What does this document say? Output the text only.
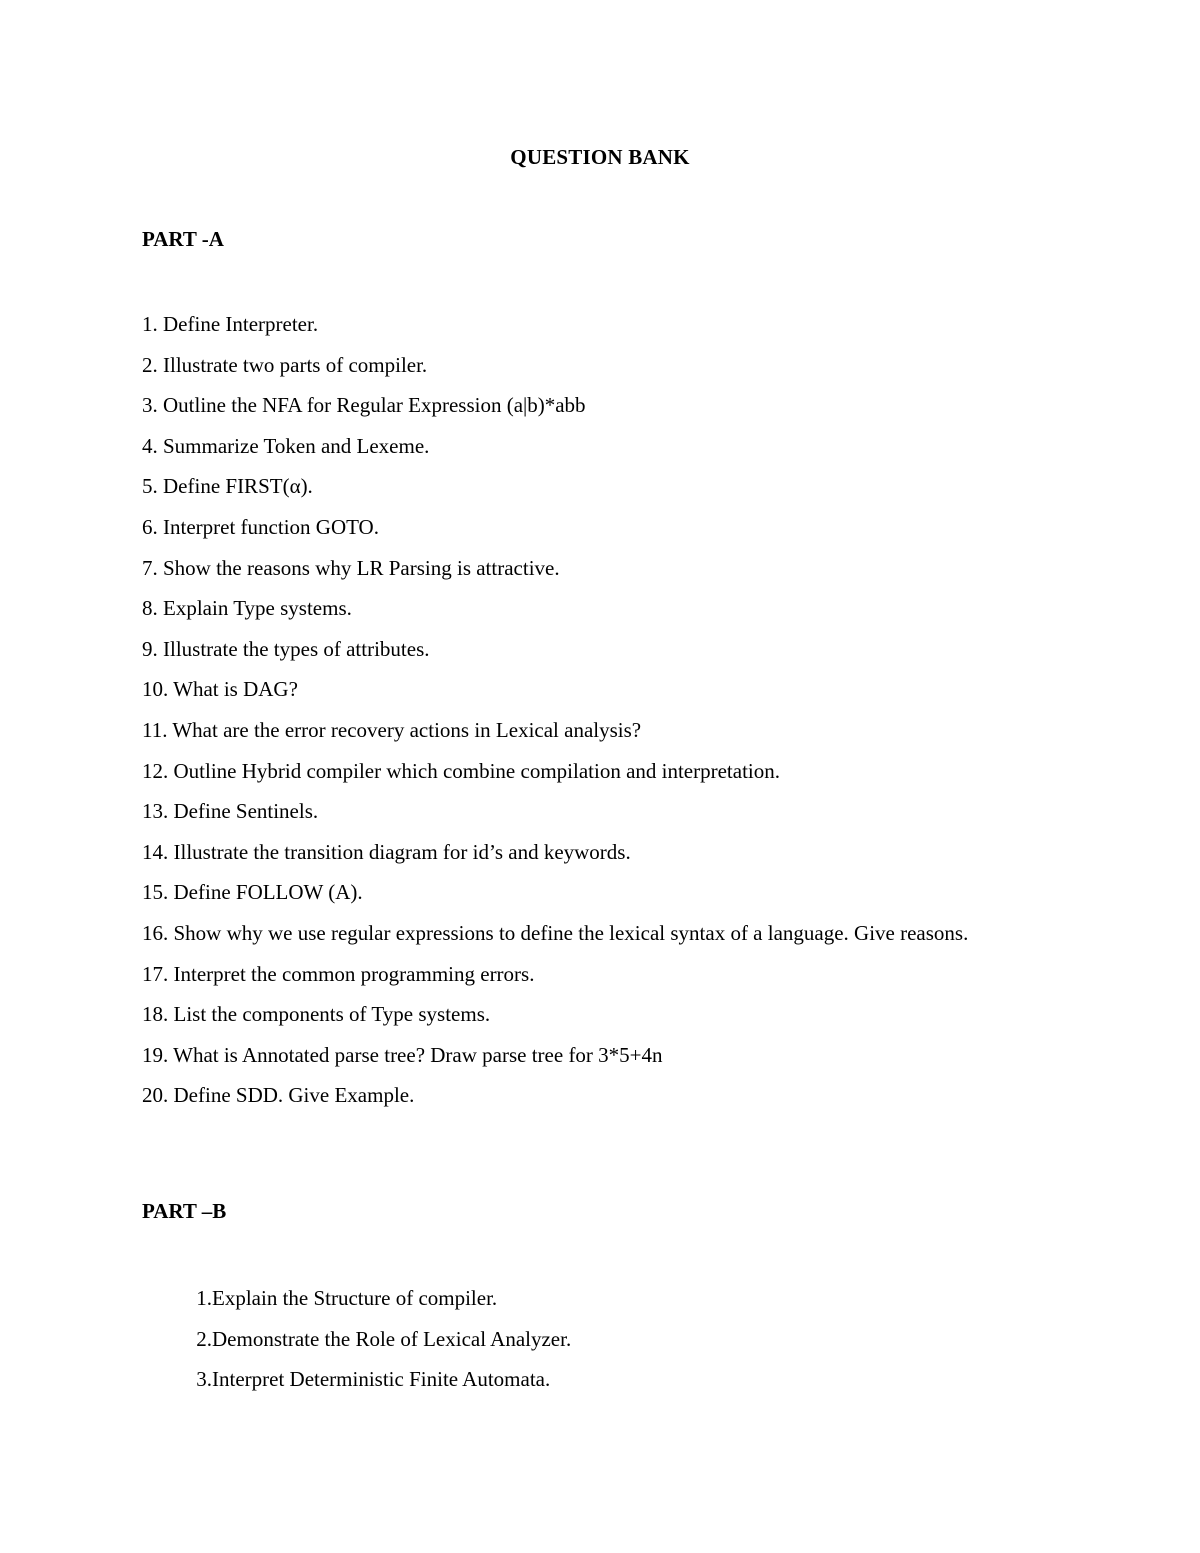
QUESTION BANK
PART -A
1. Define Interpreter.
2. Illustrate two parts of compiler.
3. Outline the NFA for Regular Expression (a|b)*abb
4. Summarize Token and Lexeme.
5. Define FIRST(α).
6. Interpret function GOTO.
7. Show the reasons why LR Parsing is attractive.
8. Explain Type systems.
9. Illustrate the types of attributes.
10. What is DAG?
11. What are the error recovery actions in Lexical analysis?
12. Outline Hybrid compiler which combine compilation and interpretation.
13. Define Sentinels.
14. Illustrate the transition diagram for id’s and keywords.
15. Define FOLLOW (A).
16. Show why we use regular expressions to define the lexical syntax of a language. Give reasons.
17. Interpret the common programming errors.
18. List the components of Type systems.
19. What is Annotated parse tree? Draw parse tree for 3*5+4n
20. Define SDD. Give Example.
PART –B
1. Explain the Structure of compiler.
2. Demonstrate the Role of Lexical Analyzer.
3. Interpret Deterministic Finite Automata.
